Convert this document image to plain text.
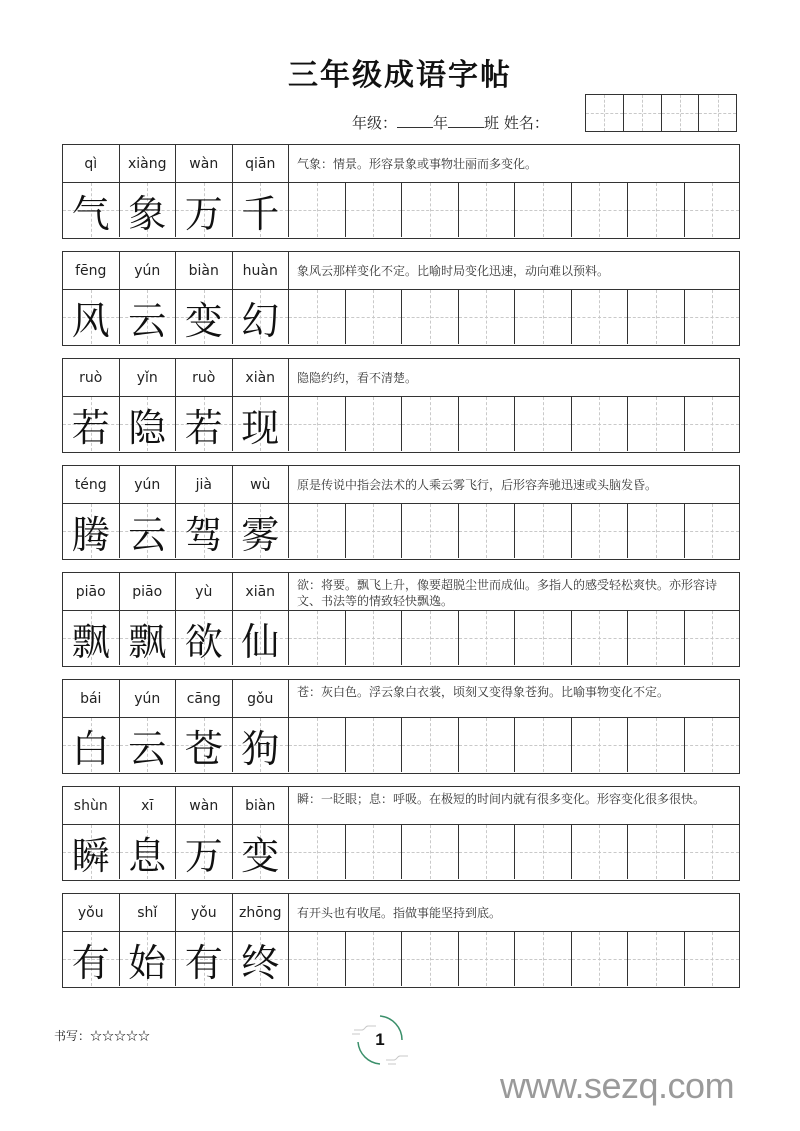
三年级成语字帖
年级： 年 班 姓名：
qì	xiàng	wàn	qiān	气象：情景。形容景象或事物壮丽而多变化。
气 象 万 千
fēng	yún	biàn	huàn	象风云那样变化不定。比喻时局变化迅速，动向难以预料。
风 云 变 幻
ruò	yǐn	ruò	xiàn	隐隐约约，看不清楚。
若 隐 若 现
téng	yún	jià	wù	原是传说中指会法术的人乘云雾飞行，后形容奔驰迅速或头脑发昏。
腾 云 驾 雾
piāo	piāo	yù	xiān	欲：将要。飘飞上升，像要超脱尘世而成仙。多指人的感受轻松爽快。亦形容诗文、书法等的情致轻快飘逸。
飘 飘 欲 仙
bái	yún	cāng	gǒu	苍：灰白色。浮云象白衣裳，顷刻又变得象苍狗。比喻事物变化不定。
白 云 苍 狗
shùn	xī	wàn	biàn	瞬：一眨眼；息：呼吸。在极短的时间内就有很多变化。形容变化很多很快。
瞬 息 万 变
yǒu	shǐ	yǒu	zhōng	有开头也有收尾。指做事能坚持到底。
有 始 有 终
书写：☆☆☆☆☆	1
www.sezq.com
